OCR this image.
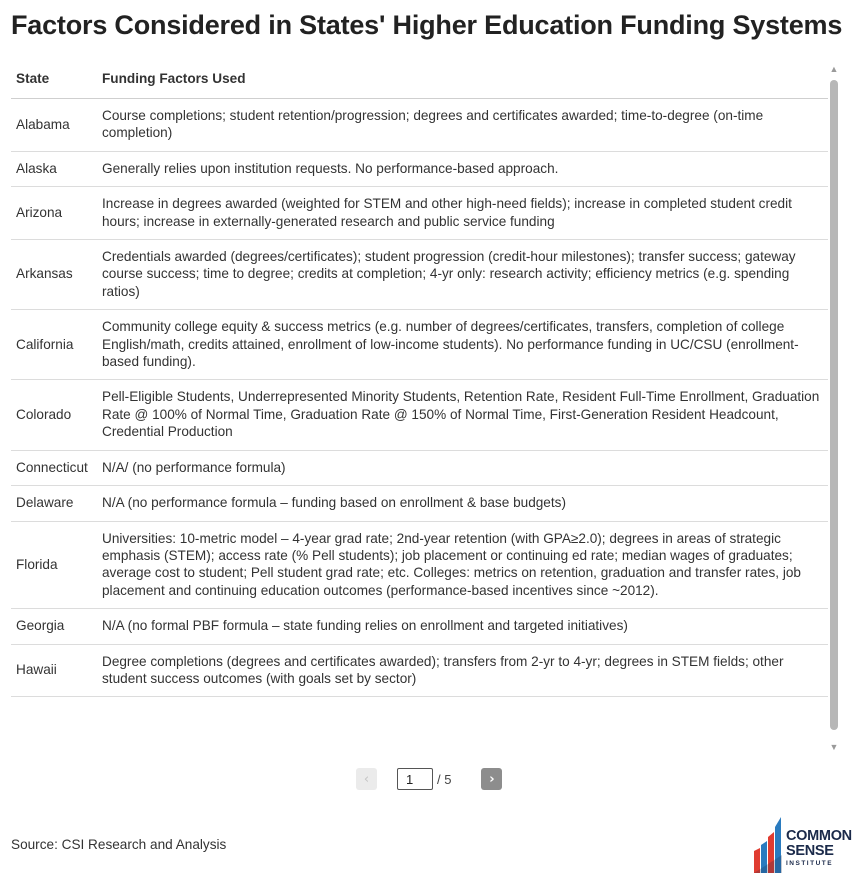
Factors Considered in States' Higher Education Funding Systems
State	Funding Factors Used
Alabama	Course completions; student retention/progression; degrees and certificates awarded; time-to-degree (on-time completion)
Alaska	Generally relies upon institution requests. No performance-based approach.
Arizona	Increase in degrees awarded (weighted for STEM and other high-need fields); increase in completed student credit hours; increase in externally-generated research and public service funding
Arkansas	Credentials awarded (degrees/certificates); student progression (credit-hour milestones); transfer success; gateway course success; time to degree; credits at completion; 4-yr only: research activity; efficiency metrics (e.g. spending ratios)
California	Community college equity & success metrics (e.g. number of degrees/certificates, transfers, completion of college English/math, credits attained, enrollment of low-income students). No performance funding in UC/CSU (enrollment-based funding).
Colorado	Pell-Eligible Students, Underrepresented Minority Students, Retention Rate, Resident Full-Time Enrollment, Graduation Rate @ 100% of Normal Time, Graduation Rate @ 150% of Normal Time, First-Generation Resident Headcount, Credential Production
Connecticut	N/A/ (no performance formula)
Delaware	N/A (no performance formula – funding based on enrollment & base budgets)
Florida	Universities: 10-metric model – 4-year grad rate; 2nd-year retention (with GPA≥2.0); degrees in areas of strategic emphasis (STEM); access rate (% Pell students); job placement or continuing ed rate; median wages of graduates; average cost to student; Pell student grad rate; etc. Colleges: metrics on retention, graduation and transfer rates, job placement and continuing education outcomes (performance-based incentives since ~2012).
Georgia	N/A (no formal PBF formula – state funding relies on enrollment and targeted initiatives)
Hawaii	Degree completions (degrees and certificates awarded); transfers from 2-yr to 4-yr; degrees in STEM fields; other student success outcomes (with goals set by sector)
▲
▼
‹
1	/ 5	›
Source: CSI Research and Analysis
COMMON
SENSE
INSTITUTE
